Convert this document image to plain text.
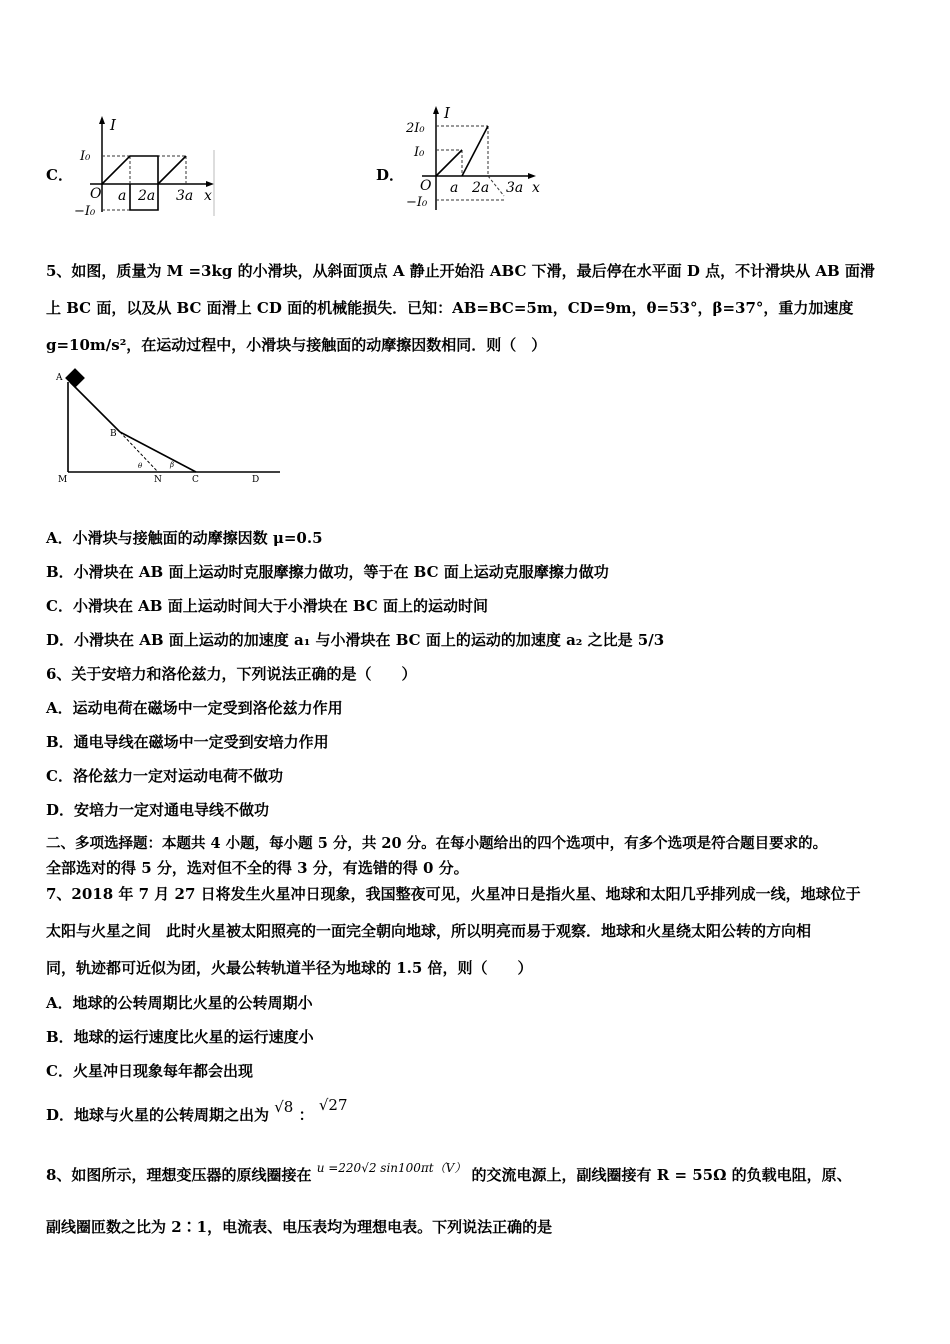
C．
I
I₀
O
−I₀
a 2a 3a x
D．
I
2I₀
I₀
O
−I₀
a 2a 3a x
5、如图，质量为 M =3kg 的小滑块，从斜面顶点 A 静止开始沿 ABC 下滑，最后停在水平面 D 点，不计滑块从 AB 面滑
上 BC 面，以及从 BC 面滑上 CD 面的机械能损失．已知：AB=BC=5m，CD=9m，θ=53°，β=37°，重力加速度
g=10m/s²，在运动过程中，小滑块与接触面的动摩擦因数相同．则（　）
A
B
M	N	C	D
θ	β
A．小滑块与接触面的动摩擦因数 μ=0.5
B．小滑块在 AB 面上运动时克服摩擦力做功，等于在 BC 面上运动克服摩擦力做功
C．小滑块在 AB 面上运动时间大于小滑块在 BC 面上的运动时间
D．小滑块在 AB 面上运动的加速度 a₁ 与小滑块在 BC 面上的运动的加速度 a₂ 之比是 5/3
6、关于安培力和洛伦兹力，下列说法正确的是（　　）
A．运动电荷在磁场中一定受到洛伦兹力作用
B．通电导线在磁场中一定受到安培力作用
C．洛伦兹力一定对运动电荷不做功
D．安培力一定对通电导线不做功
二、多项选择题：本题共 4 小题，每小题 5 分，共 20 分。在每小题给出的四个选项中，有多个选项是符合题目要求的。
全部选对的得 5 分，选对但不全的得 3 分，有选错的得 0 分。
7、2018 年 7 月 27 日将发生火星冲日现象，我国整夜可见，火星冲日是指火星、地球和太阳几乎排列成一线，地球位于
太阳与火星之间　此时火星被太阳照亮的一面完全朝向地球，所以明亮而易于观察．地球和火星绕太阳公转的方向相
同，轨迹都可近似为团，火最公转轨道半径为地球的 1.5 倍，则（　　）
A．地球的公转周期比火星的公转周期小
B．地球的运行速度比火星的运行速度小
C．火星冲日现象每年都会出现
D．地球与火星的公转周期之出为 √8 ： √27
8、如图所示，理想变压器的原线圈接在 $^{u =220√2 sin100\pi t(V)}$ 的交流电源上，副线圈接有 R = 55Ω 的负载电阻，原、
副线圈匝数之比为 2∶1，电流表、电压表均为理想电表。下列说法正确的是
